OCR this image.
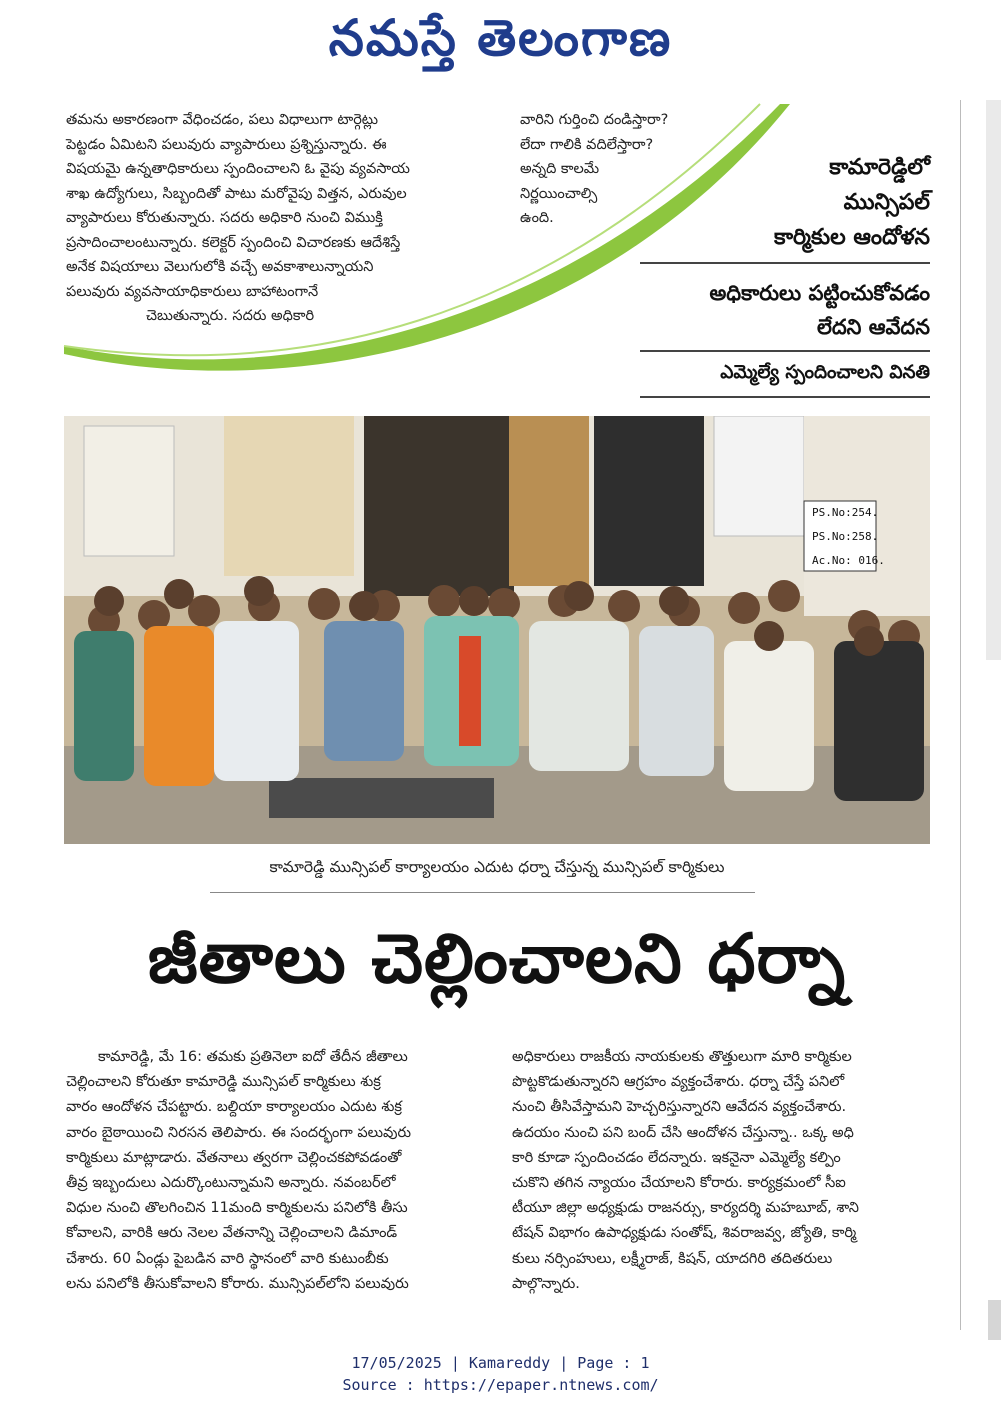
నమస్తే తెలంగాణ
తమను అకారణంగా వేధించడం, పలు విధాలుగా టార్గెట్లు
పెట్టడం ఏమిటని పలువురు వ్యాపారులు ప్రశ్నిస్తున్నారు. ఈ
విషయమై ఉన్నతాధికారులు స్పందించాలని ఓ వైపు వ్యవసాయ
శాఖ ఉద్యోగులు, సిబ్బందితో పాటు మరోవైపు విత్తన, ఎరువుల
వ్యాపారులు కోరుతున్నారు. సదరు అధికారి నుంచి విముక్తి
ప్రసాదించాలంటున్నారు. కలెక్టర్ స్పందించి విచారణకు ఆదేశిస్తే
అనేక విషయాలు వెలుగులోకి వచ్చే అవకాశాలున్నాయని
పలువురు వ్యవసాయాధికారులు బాహాటంగానే
చెబుతున్నారు. సదరు అధికారి
వారిని గుర్తించి దండిస్తారా?
లేదా గాలికి వదిలేస్తారా?
అన్నది కాలమే
నిర్ణయించాల్సి
ఉంది.
కామారెడ్డిలో
మున్సిపల్
కార్మికుల ఆందోళన
అధికారులు పట్టించుకోవడం
లేదని ఆవేదన
ఎమ్మెల్యే స్పందించాలని వినతి
PS.No:254.
PS.No:258.
Ac.No: 016.
కామారెడ్డి మున్సిపల్ కార్యాలయం ఎదుట ధర్నా చేస్తున్న మున్సిపల్ కార్మికులు
జీతాలు చెల్లించాలని ధర్నా
కామారెడ్డి, మే 16: తమకు ప్రతినెలా ఐదో తేదీన జీతాలు
చెల్లించాలని కోరుతూ కామారెడ్డి మున్సిపల్ కార్మికులు శుక్ర
వారం ఆందోళన చేపట్టారు. బల్దియా కార్యాలయం ఎదుట శుక్ర
వారం బైఠాయించి నిరసన తెలిపారు. ఈ సందర్భంగా పలువురు
కార్మికులు మాట్లాడారు. వేతనాలు త్వరగా చెల్లించకపోవడంతో
తీవ్ర ఇబ్బందులు ఎదుర్కొంటున్నామని అన్నారు. నవంబర్‌లో
విధుల నుంచి తొలగించిన 11మంది కార్మికులను పనిలోకి తీసు
కోవాలని, వారికి ఆరు నెలల వేతనాన్ని చెల్లించాలని డిమాండ్
చేశారు. 60 ఏండ్లు పైబడిన వారి స్థానంలో వారి కుటుంబీకు
లను పనిలోకి తీసుకోవాలని కోరారు. మున్సిపల్‌లోని పలువురు
అధికారులు రాజకీయ నాయకులకు తొత్తులుగా మారి కార్మికుల
పొట్టకొడుతున్నారని ఆగ్రహం వ్యక్తంచేశారు. ధర్నా చేస్తే పనిలో
నుంచి తీసివేస్తామని హెచ్చరిస్తున్నారని ఆవేదన వ్యక్తంచేశారు.
ఉదయం నుంచి పని బంద్ చేసి ఆందోళన చేస్తున్నా.. ఒక్క అధి
కారి కూడా స్పందించడం లేదన్నారు. ఇకనైనా ఎమ్మెల్యే కల్పిం
చుకొని తగిన న్యాయం చేయాలని కోరారు. కార్యక్రమంలో సీఐ
టీయూ జిల్లా అధ్యక్షుడు రాజనర్సు, కార్యదర్శి మహబూబ్, శాని
టేషన్ విభాగం ఉపాధ్యక్షుడు సంతోష్, శివరాజవ్వ, జ్యోతి, కార్మి
కులు నర్సింహులు, లక్ష్మీరాజ్, కిషన్, యాదగిరి తదితరులు
పాల్గొన్నారు.
17/05/2025 | Kamareddy | Page : 1
Source : https://epaper.ntnews.com/
